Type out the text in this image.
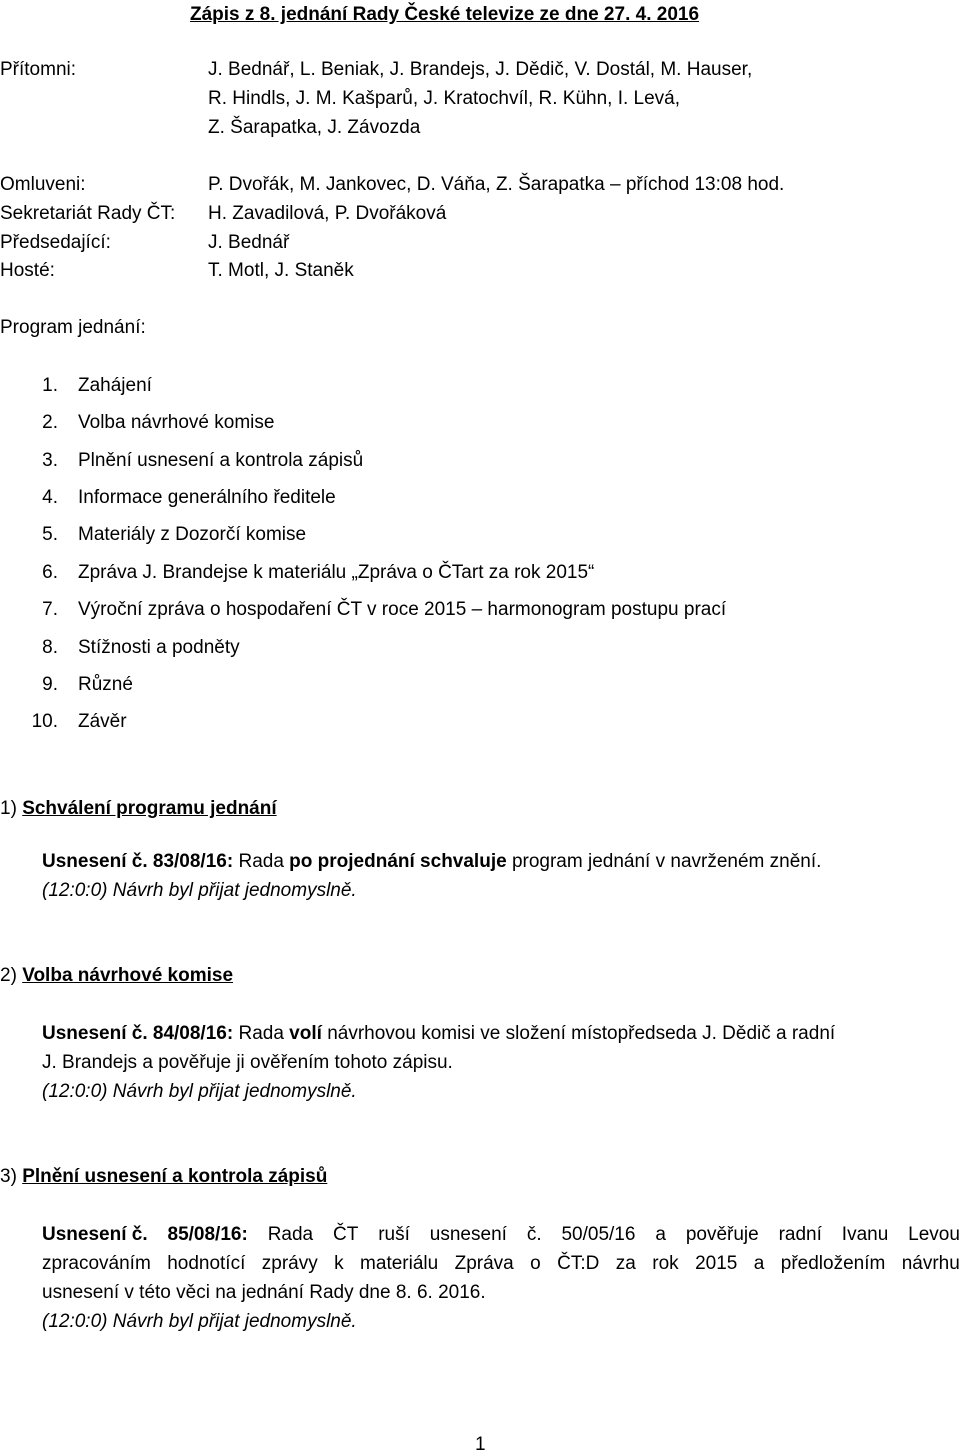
Zápis z 8. jednání Rady České televize ze dne 27. 4. 2016
Přítomni:	J. Bednář, L. Beniak, J. Brandejs, J. Dědič, V. Dostál, M. Hauser,
R. Hindls, J. M. Kašparů, J. Kratochvíl, R. Kühn, I. Levá,
Z. Šarapatka, J. Závozda
Omluveni:	P. Dvořák, M. Jankovec, D. Váňa, Z. Šarapatka – příchod 13:08 hod.
Sekretariát Rady ČT: H. Zavadilová, P. Dvořáková
Předsedající:	J. Bednář
Hosté:	T. Motl, J. Staněk
Program jednání:
1. Zahájení
2. Volba návrhové komise
3. Plnění usnesení a kontrola zápisů
4. Informace generálního ředitele
5. Materiály z Dozorčí komise
6. Zpráva J. Brandejse k materiálu „Zpráva o ČTart za rok 2015“
7. Výroční zpráva o hospodaření ČT v roce 2015 – harmonogram postupu prací
8. Stížnosti a podněty
9. Různé
10. Závěr
1) Schválení programu jednání
Usnesení č. 83/08/16: Rada po projednání schvaluje program jednání v navrženém znění.
(12:0:0) Návrh byl přijat jednomyslně.
2) Volba návrhové komise
Usnesení č. 84/08/16: Rada volí návrhovou komisi ve složení místopředseda J. Dědič a radní
J. Brandejs a pověřuje ji ověřením tohoto zápisu.
(12:0:0) Návrh byl přijat jednomyslně.
3) Plnění usnesení a kontrola zápisů
Usnesení č. 85/08/16: Rada ČT ruší usnesení č. 50/05/16 a pověřuje radní Ivanu Levou
zpracováním hodnotící zprávy k materiálu Zpráva o ČT:D za rok 2015 a předložením návrhu
usnesení v této věci na jednání Rady dne 8. 6. 2016.
(12:0:0) Návrh byl přijat jednomyslně.
1
